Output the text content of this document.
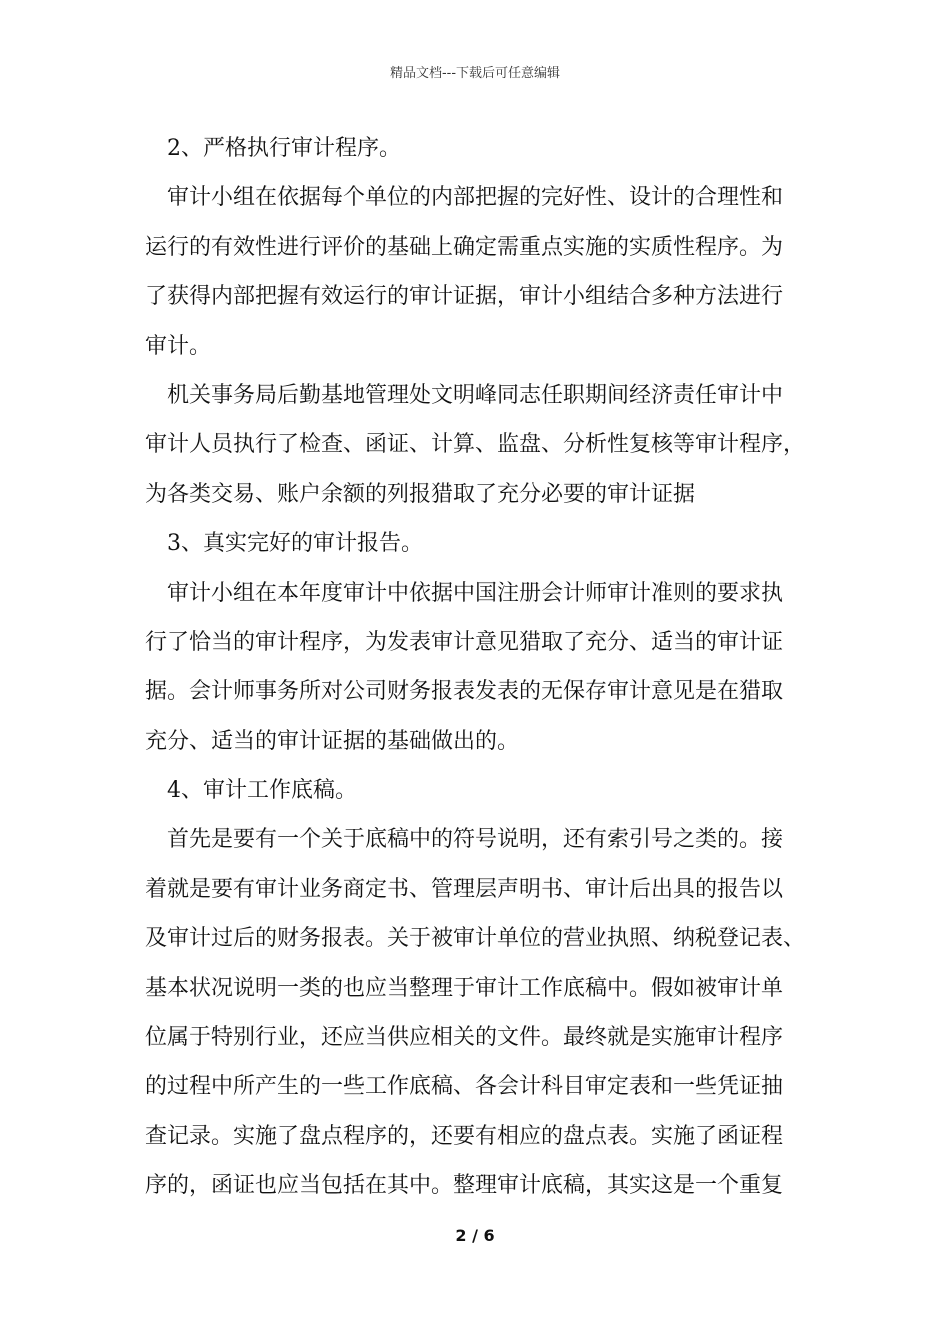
精品文档---下载后可任意编辑
2、严格执行审计程序。
审计小组在依据每个单位的内部把握的完好性、设计的合理性和
运行的有效性进行评价的基础上确定需重点实施的实质性程序。为
了获得内部把握有效运行的审计证据，审计小组结合多种方法进行
审计。
机关事务局后勤基地管理处文明峰同志任职期间经济责任审计中
审计人员执行了检查、函证、计算、监盘、分析性复核等审计程序，
为各类交易、账户余额的列报猎取了充分必要的审计证据
3、真实完好的审计报告。
审计小组在本年度审计中依据中国注册会计师审计准则的要求执
行了恰当的审计程序，为发表审计意见猎取了充分、适当的审计证
据。会计师事务所对公司财务报表发表的无保存审计意见是在猎取
充分、适当的审计证据的基础做出的。
4、审计工作底稿。
首先是要有一个关于底稿中的符号说明，还有索引号之类的。接
着就是要有审计业务商定书、管理层声明书、审计后出具的报告以
及审计过后的财务报表。关于被审计单位的营业执照、纳税登记表、
基本状况说明一类的也应当整理于审计工作底稿中。假如被审计单
位属于特别行业，还应当供应相关的文件。最终就是实施审计程序
的过程中所产生的一些工作底稿、各会计科目审定表和一些凭证抽
查记录。实施了盘点程序的，还要有相应的盘点表。实施了函证程
序的，函证也应当包括在其中。整理审计底稿，其实这是一个重复
2 / 6
